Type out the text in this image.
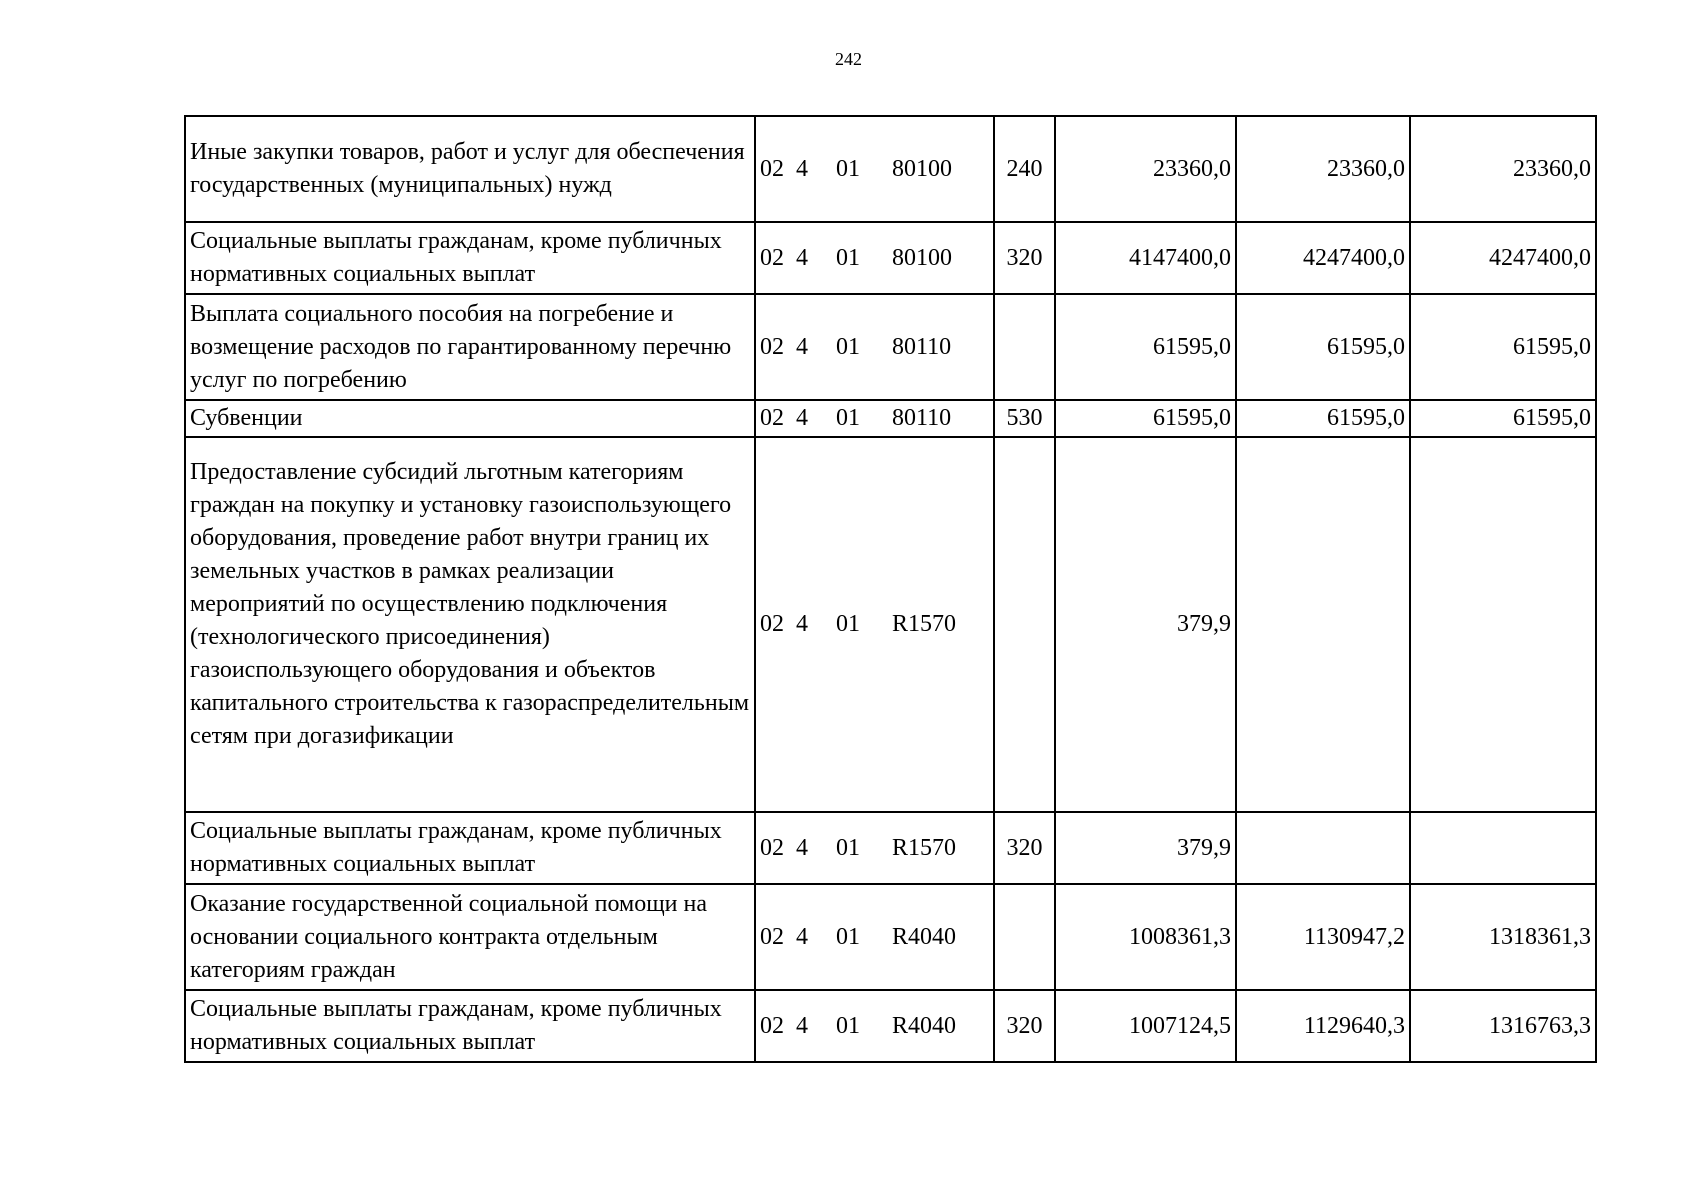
242
Иные закупки товаров, работ и услуг для обеспечения государственных (муниципальных) нужд	02 4 01 80100	240	23360,0	23360,0	23360,0
Социальные выплаты гражданам, кроме публичных нормативных социальных выплат	02 4 01 80100	320	4147400,0	4247400,0	4247400,0
Выплата социального пособия на погребение и возмещение расходов по гарантированному перечню услуг по погребению	02 4 01 80110		61595,0	61595,0	61595,0
Субвенции	02 4 01 80110	530	61595,0	61595,0	61595,0
Предоставление субсидий льготным категориям граждан на покупку и установку газоиспользующего оборудования, проведение работ внутри границ их земельных участков в рамках реализации мероприятий по осуществлению подключения (технологического присоединения) газоиспользующего оборудования и объектов капитального строительства к газораспределительным сетям при догазификации	02 4 01 R1570		379,9		
Социальные выплаты гражданам, кроме публичных нормативных социальных выплат	02 4 01 R1570	320	379,9		
Оказание государственной социальной помощи на основании социального контракта отдельным категориям граждан	02 4 01 R4040		1008361,3	1130947,2	1318361,3
Социальные выплаты гражданам, кроме публичных нормативных социальных выплат	02 4 01 R4040	320	1007124,5	1129640,3	1316763,3
